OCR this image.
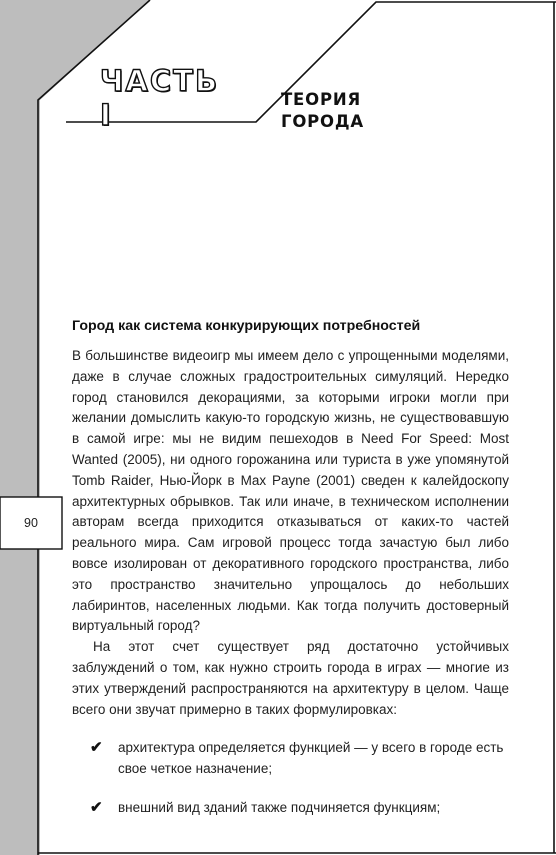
ЧАСТЬ I	ТЕОРИЯ
ГОРОДА
90
Город как система конкурирующих потребностей

В большинстве видеоигр мы имеем дело с упрощенными моделями, даже в случае сложных градостроительных симуляций. Нередко город становился декорациями, за которыми игроки могли при желании домыслить какую-то городскую жизнь, не существовавшую в самой игре: мы не видим пешеходов в Need For Speed: Most Wanted (2005), ни одного горожанина или туриста в уже упомянутой Tomb Raider, Нью-Йорк в Max Payne (2001) сведен к калейдоскопу архитектурных обрывков. Так или иначе, в техническом исполнении авторам всегда приходится отказываться от каких-то частей реального мира. Сам игровой процесс тогда зачастую был либо вовсе изолирован от декоративного городского пространства, либо это пространство значительно упрощалось до небольших лабиринтов, населенных людьми. Как тогда получить достоверный виртуальный город?

На этот счет существует ряд достаточно устойчивых заблуждений о том, как нужно строить города в играх — многие из этих утверждений распространяются на архитектуру в целом. Чаще всего они звучат примерно в таких формулировках:

✔	архитектура определяется функцией — у всего в городе есть свое четкое назначение;
✔	внешний вид зданий также подчиняется функциям;
